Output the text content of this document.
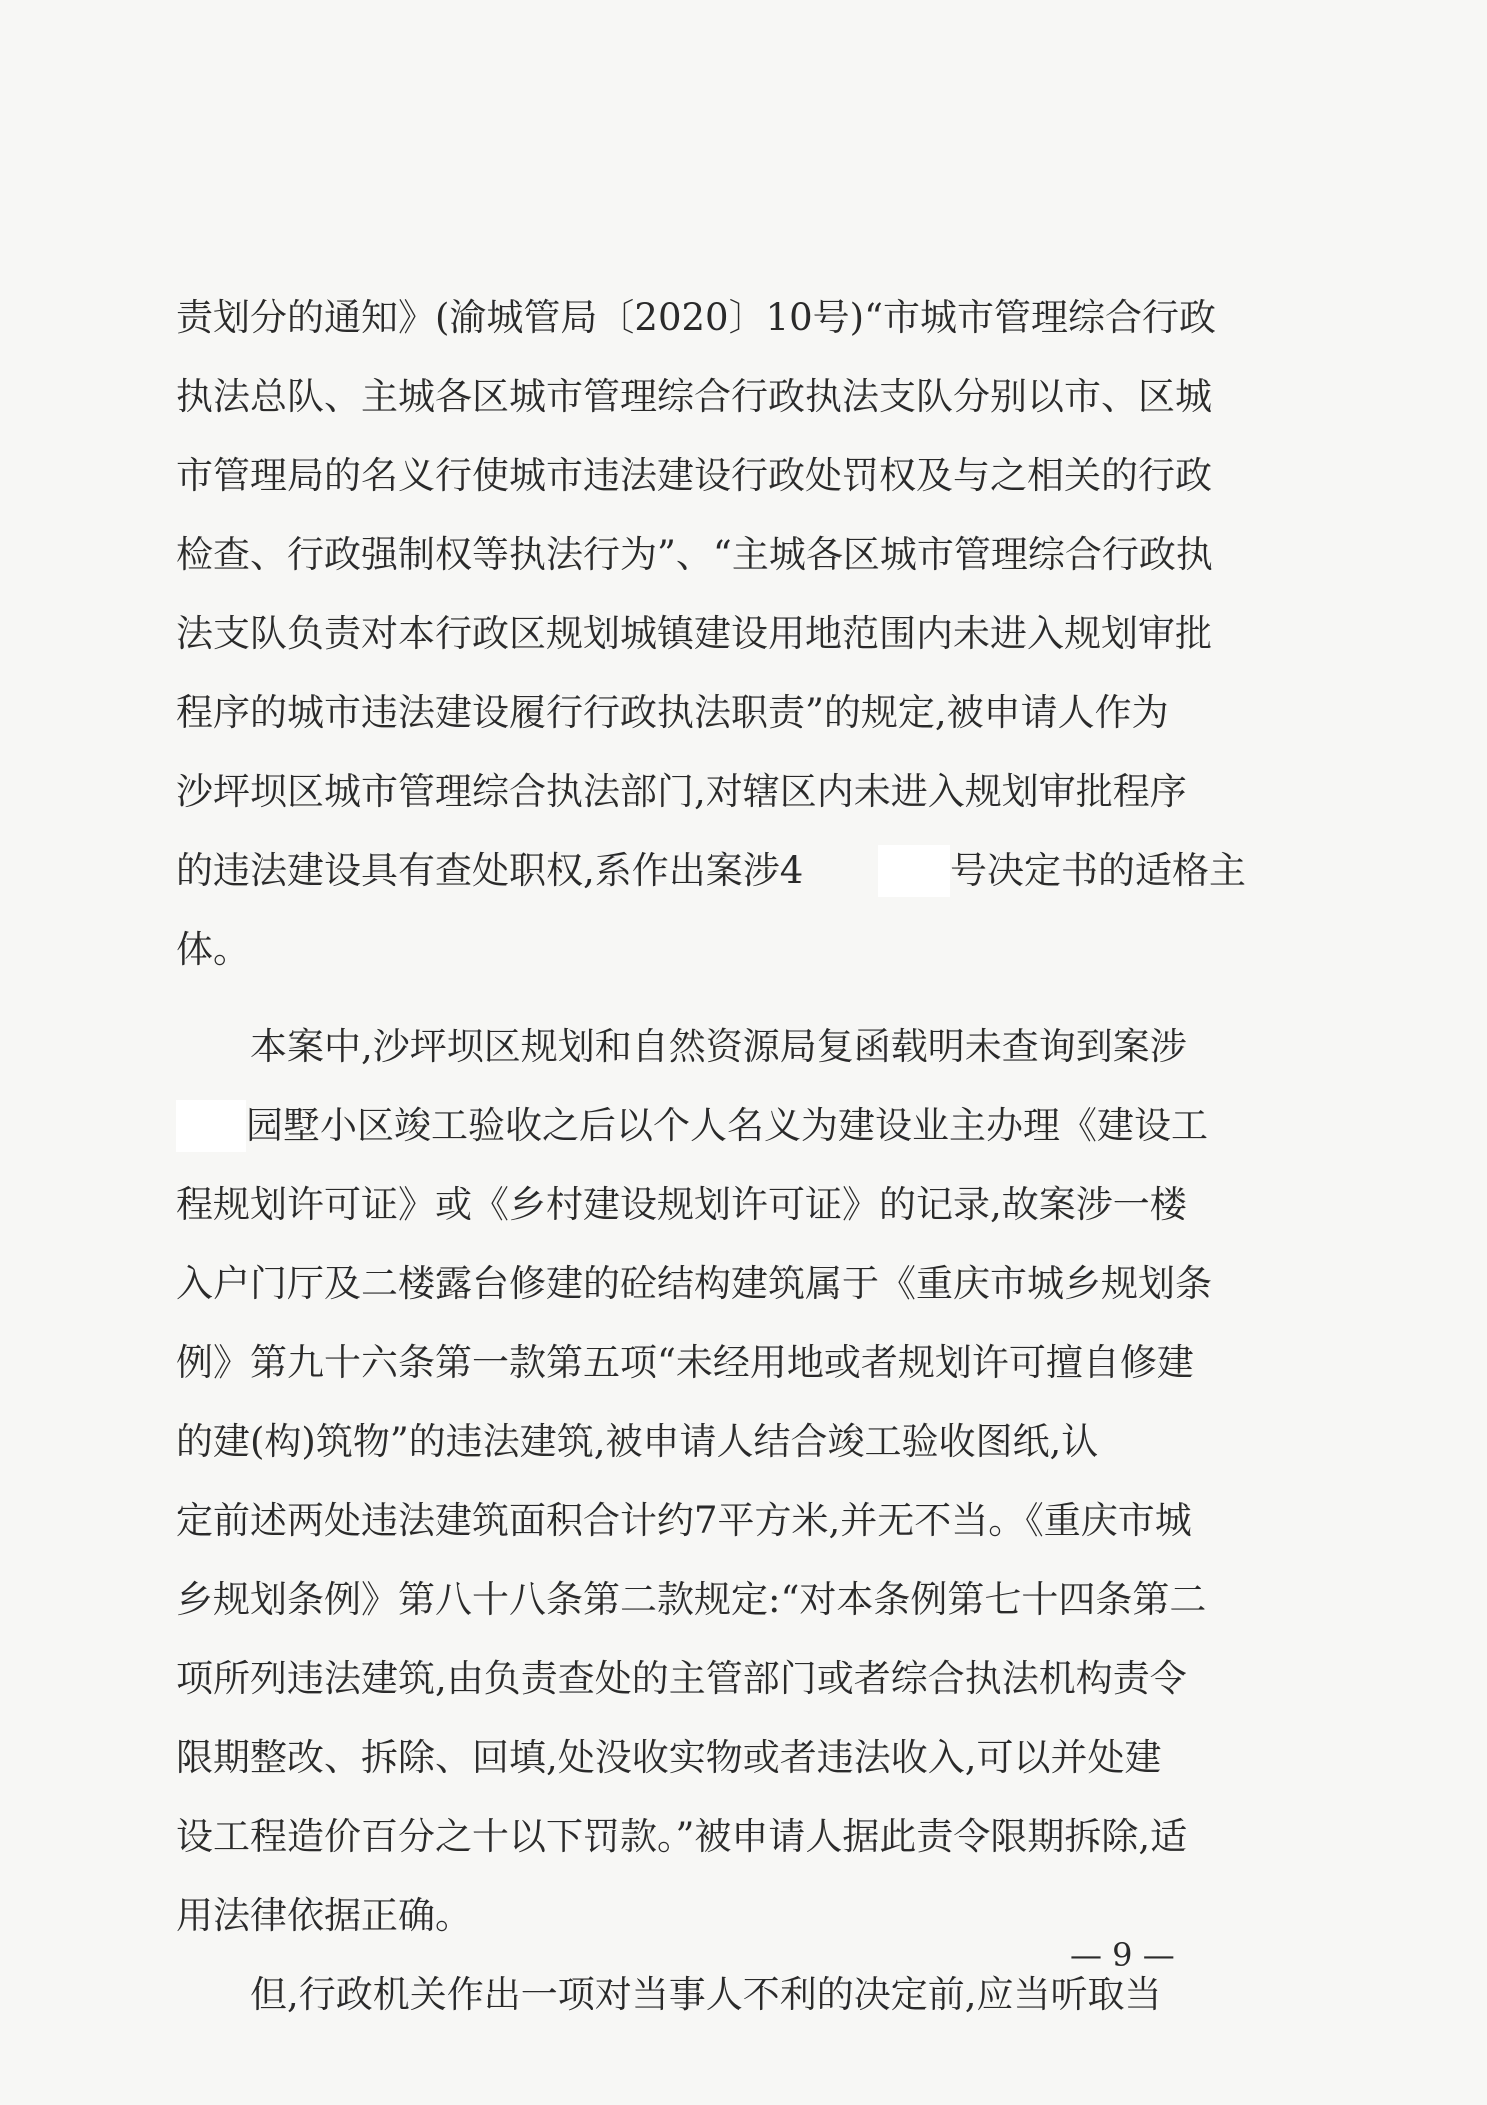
责划分的通知》(渝城管局〔2020〕10号)“市城市管理综合行政
执法总队、主城各区城市管理综合行政执法支队分别以市、区城
市管理局的名义行使城市违法建设行政处罚权及与之相关的行政
检查、行政强制权等执法行为”、“主城各区城市管理综合行政执
法支队负责对本行政区规划城镇建设用地范围内未进入规划审批
程序的城市违法建设履行行政执法职责”的规定,被申请人作为
沙坪坝区城市管理综合执法部门,对辖区内未进入规划审批程序
的违法建设具有查处职权,系作出案涉4	号决定书的适格主
体。
本案中,沙坪坝区规划和自然资源局复函载明未查询到案涉
园墅小区竣工验收之后以个人名义为建设业主办理《建设工
程规划许可证》或《乡村建设规划许可证》的记录,故案涉一楼
入户门厅及二楼露台修建的砼结构建筑属于《重庆市城乡规划条
例》第九十六条第一款第五项“未经用地或者规划许可擅自修建
的建(构)筑物”的违法建筑,被申请人结合竣工验收图纸,认
定前述两处违法建筑面积合计约7平方米,并无不当。《重庆市城
乡规划条例》第八十八条第二款规定:“对本条例第七十四条第二
项所列违法建筑,由负责查处的主管部门或者综合执法机构责令
限期整改、拆除、回填,处没收实物或者违法收入,可以并处建
设工程造价百分之十以下罚款。”被申请人据此责令限期拆除,适
用法律依据正确。
但,行政机关作出一项对当事人不利的决定前,应当听取当
— 9 —
